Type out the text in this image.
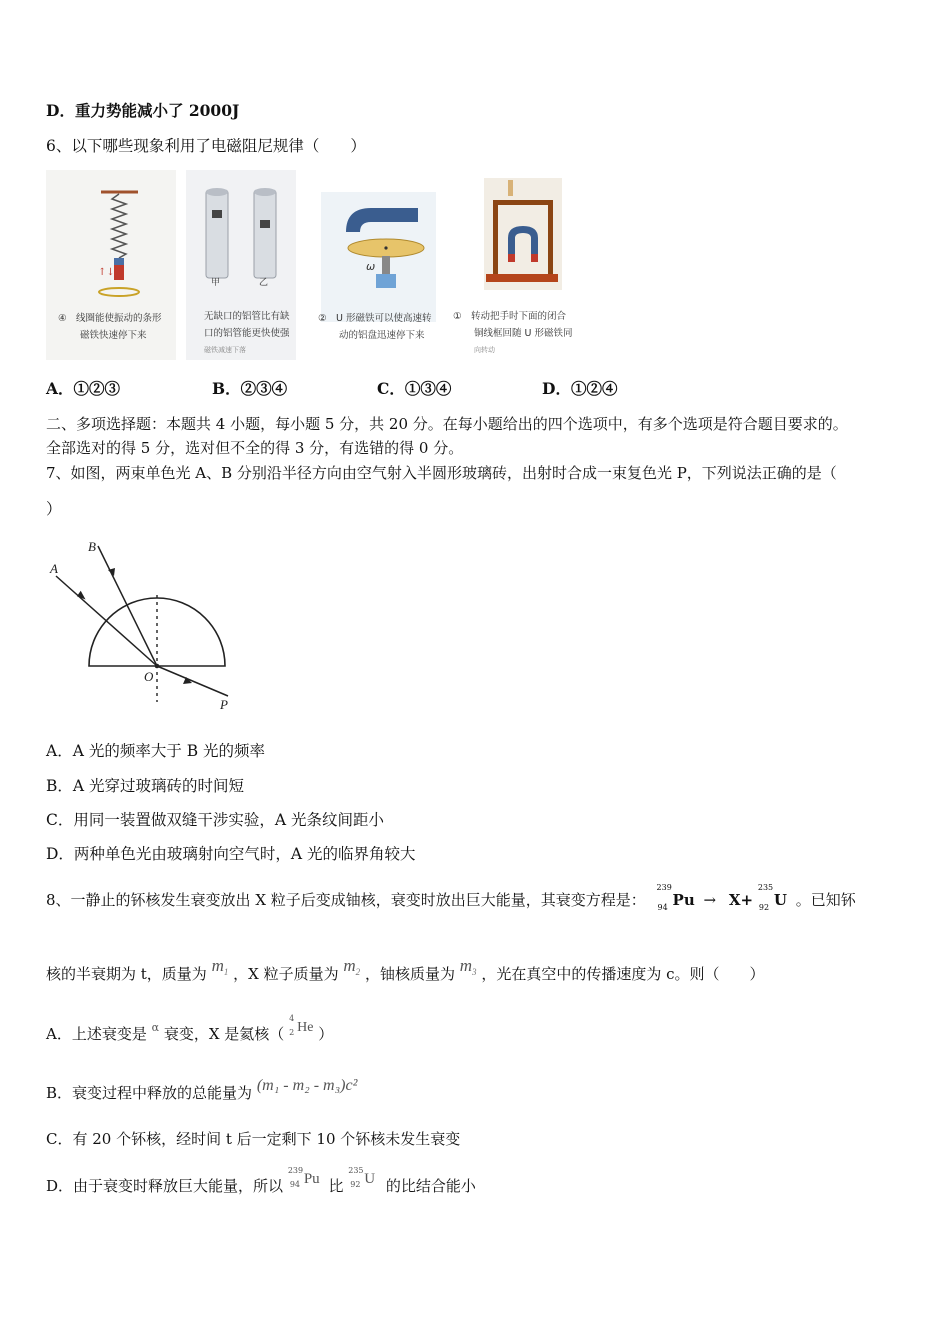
D．重力势能减小了 2000J
6、以下哪些现象利用了电磁阻尼规律（　　）
↑↓
甲	乙
ω
④　线圈能使振动的条形
磁铁快速停下来
无缺口的铝管比有缺
口的铝管能更快使强
磁铁减速下落
②　U 形磁铁可以使高速转
动的铝盘迅速停下来
①　转动把手时下面的闭合
铜线框回随 U 形磁铁同
向转动
A．①②③	B．②③④	C．①③④	D．①②④
二、多项选择题：本题共 4 小题，每小题 5 分，共 20 分。在每小题给出的四个选项中，有多个选项是符合题目要求的。
全部选对的得 5 分，选对但不全的得 3 分，有选错的得 0 分。
7、如图，两束单色光 A、B 分别沿半径方向由空气射入半圆形玻璃砖，出射时合成一束复色光 P，下列说法正确的是（
）
A
B
O
P
A．A 光的频率大于 B 光的频率
B．A 光穿过玻璃砖的时间短
C．用同一装置做双缝干涉实验，A 光条纹间距小
D．两种单色光由玻璃射向空气时，A 光的临界角较大
8、一静止的钚核发生衰变放出 X 粒子后变成铀核，衰变时放出巨大能量，其衰变方程是：
239
94 Pu → X+
235
92 U 。已知钚
核的半衰期为 t，质量为 $m_1$ ，X 粒子质量为 $m_2$ ，铀核质量为 $m_3$ ，光在真空中的传播速度为 c。则（　　）
A．上述衰变是 $^\alpha$ 衰变，X 是氦核（
4
2 He ）
B．衰变过程中释放的总能量为 (m₁ - m₂ - m₃)c²
C．有 20 个钚核，经时间 t 后一定剩下 10 个钚核未发生衰变
D．由于衰变时释放巨大能量，所以
239
94 Pu 比
235
92 U 的比结合能小
